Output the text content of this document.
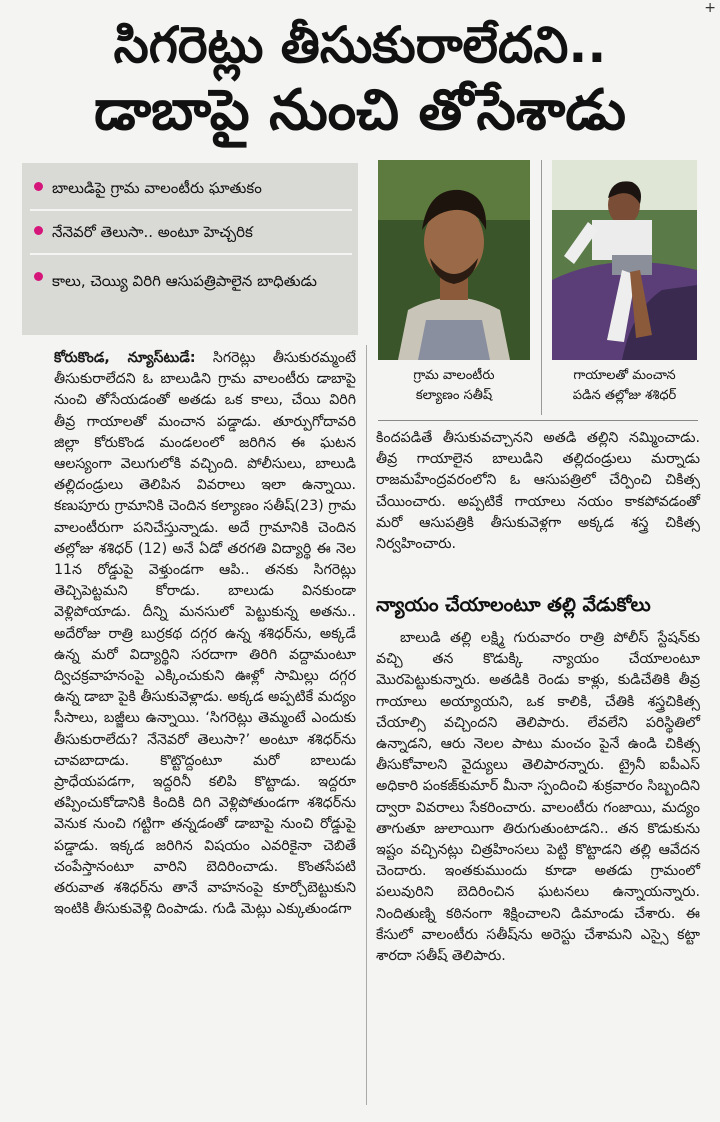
+
సిగరెట్లు తీసుకురాలేదని..
డాబాపై నుంచి తోసేశాడు
బాలుడిపై గ్రామ వాలంటీరు ఘాతుకం
నేనెవరో తెలుసా.. అంటూ హెచ్చరిక
కాలు, చెయ్యి విరిగి ఆసుపత్రిపాలైన బాధితుడు
గ్రామ వాలంటీరు
కల్యాణం సతీష్
గాయాలతో మంచాన
పడిన తల్లోజు శశిధర్
కోరుకొండ, న్యూస్‌టుడే: సిగరెట్లు తీసుకురమ్మంటే తీసుకురాలేదని ఓ బాలుడిని గ్రామ వాలంటీరు డాబాపై నుంచి తోసేయడంతో అతడు ఒక కాలు, చేయి విరిగి తీవ్ర గాయాలతో మంచాన పడ్డాడు. తూర్పుగోదావరి జిల్లా కోరుకొండ మండలంలో జరిగిన ఈ ఘటన ఆలస్యంగా వెలుగులోకి వచ్చింది. పోలీసులు, బాలుడి తల్లిదండ్రులు తెలిపిన వివరాలు ఇలా ఉన్నాయి. కణుపూరు గ్రామానికి చెందిన కల్యాణం సతీష్(23) గ్రామ వాలంటీరుగా పనిచేస్తున్నాడు. అదే గ్రామానికి చెందిన తల్లోజు శశిధర్ (12) అనే ఏడో తరగతి విద్యార్థి ఈ నెల 11న రోడ్డుపై వెళ్తుండగా ఆపి.. తనకు సిగరెట్లు తెచ్చిపెట్టమని కోరాడు. బాలుడు వినకుండా వెళ్లిపోయాడు. దీన్ని మనసులో పెట్టుకున్న అతను.. అదేరోజు రాత్రి బుర్రకథ దగ్గర ఉన్న శశిధర్‌ను, అక్కడే ఉన్న మరో విద్యార్థిని సరదాగా తిరిగి వద్దామంటూ ద్విచక్రవాహనంపై ఎక్కించుకుని ఊళ్లో సామిల్లు దగ్గర ఉన్న డాబా పైకి తీసుకువెళ్లాడు. అక్కడ అప్పటికే మద్యం సీసాలు, బజ్జీలు ఉన్నాయి. ‘సిగరెట్లు తెమ్మంటే ఎందుకు తీసుకురాలేదు? నేనెవరో తెలుసా?’ అంటూ శశిధర్‌ను చావబాదాడు. కొట్టొద్దంటూ మరో బాలుడు ప్రాధేయపడగా, ఇద్దరినీ కలిపి కొట్టాడు. ఇద్దరూ తప్పించుకోడానికి కిందికి దిగి వెళ్లిపోతుండగా శశిధర్‌ను వెనుక నుంచి గట్టిగా తన్నడంతో డాబాపై నుంచి రోడ్డుపై పడ్డాడు. ఇక్కడ జరిగిన విషయం ఎవరికైనా చెబితే చంపేస్తానంటూ వారిని బెదిరించాడు. కొంతసేపటి తరువాత శశిధర్‌ను తానే వాహనంపై కూర్చోబెట్టుకుని ఇంటికి తీసుకువెళ్లి దింపాడు. గుడి మెట్లు ఎక్కుతుండగా
కిందపడితే తీసుకువచ్చానని అతడి తల్లిని నమ్మించాడు. తీవ్ర గాయాలైన బాలుడిని తల్లిదండ్రులు మర్నాడు రాజమహేంద్రవరంలోని ఓ ఆసుపత్రిలో చేర్పించి చికిత్స చేయించారు. అప్పటికే గాయాలు నయం కాకపోవడంతో మరో ఆసుపత్రికి తీసుకువెళ్లగా అక్కడ శస్త్ర చికిత్స నిర్వహించారు.
న్యాయం చేయాలంటూ తల్లి వేడుకోలు
బాలుడి తల్లి లక్ష్మి గురువారం రాత్రి పోలీస్ స్టేషన్‌కు వచ్చి తన కొడుక్కి న్యాయం చేయాలంటూ మొరపెట్టుకున్నారు. అతడికి రెండు కాళ్లు, కుడిచేతికి తీవ్ర గాయాలు అయ్యాయని, ఒక కాలికి, చేతికి శస్త్రచికిత్స చేయాల్సి వచ్చిందని తెలిపారు. లేవలేని పరిస్థితిలో ఉన్నాడని, ఆరు నెలల పాటు మంచం పైనే ఉండి చికిత్స తీసుకోవాలని వైద్యులు తెలిపారన్నారు. ట్రైనీ ఐపీఎస్ అధికారి పంకజ్‌కుమార్ మీనా స్పందించి శుక్రవారం సిబ్బందిని ద్వారా వివరాలు సేకరించారు. వాలంటీరు గంజాయి, మద్యం తాగుతూ జులాయిగా తిరుగుతుంటాడని.. తన కొడుకును ఇష్టం వచ్చినట్లు చిత్రహింసలు పెట్టి కొట్టాడని తల్లి ఆవేదన చెందారు. ఇంతకుముందు కూడా అతడు గ్రామంలో పలువురిని బెదిరించిన ఘటనలు ఉన్నాయన్నారు. నిందితుణ్ని కఠినంగా శిక్షించాలని డిమాండు చేశారు. ఈ కేసులో వాలంటీరు సతీష్‌ను అరెస్టు చేశామని ఎస్సై కట్టా శారదా సతీష్ తెలిపారు.
